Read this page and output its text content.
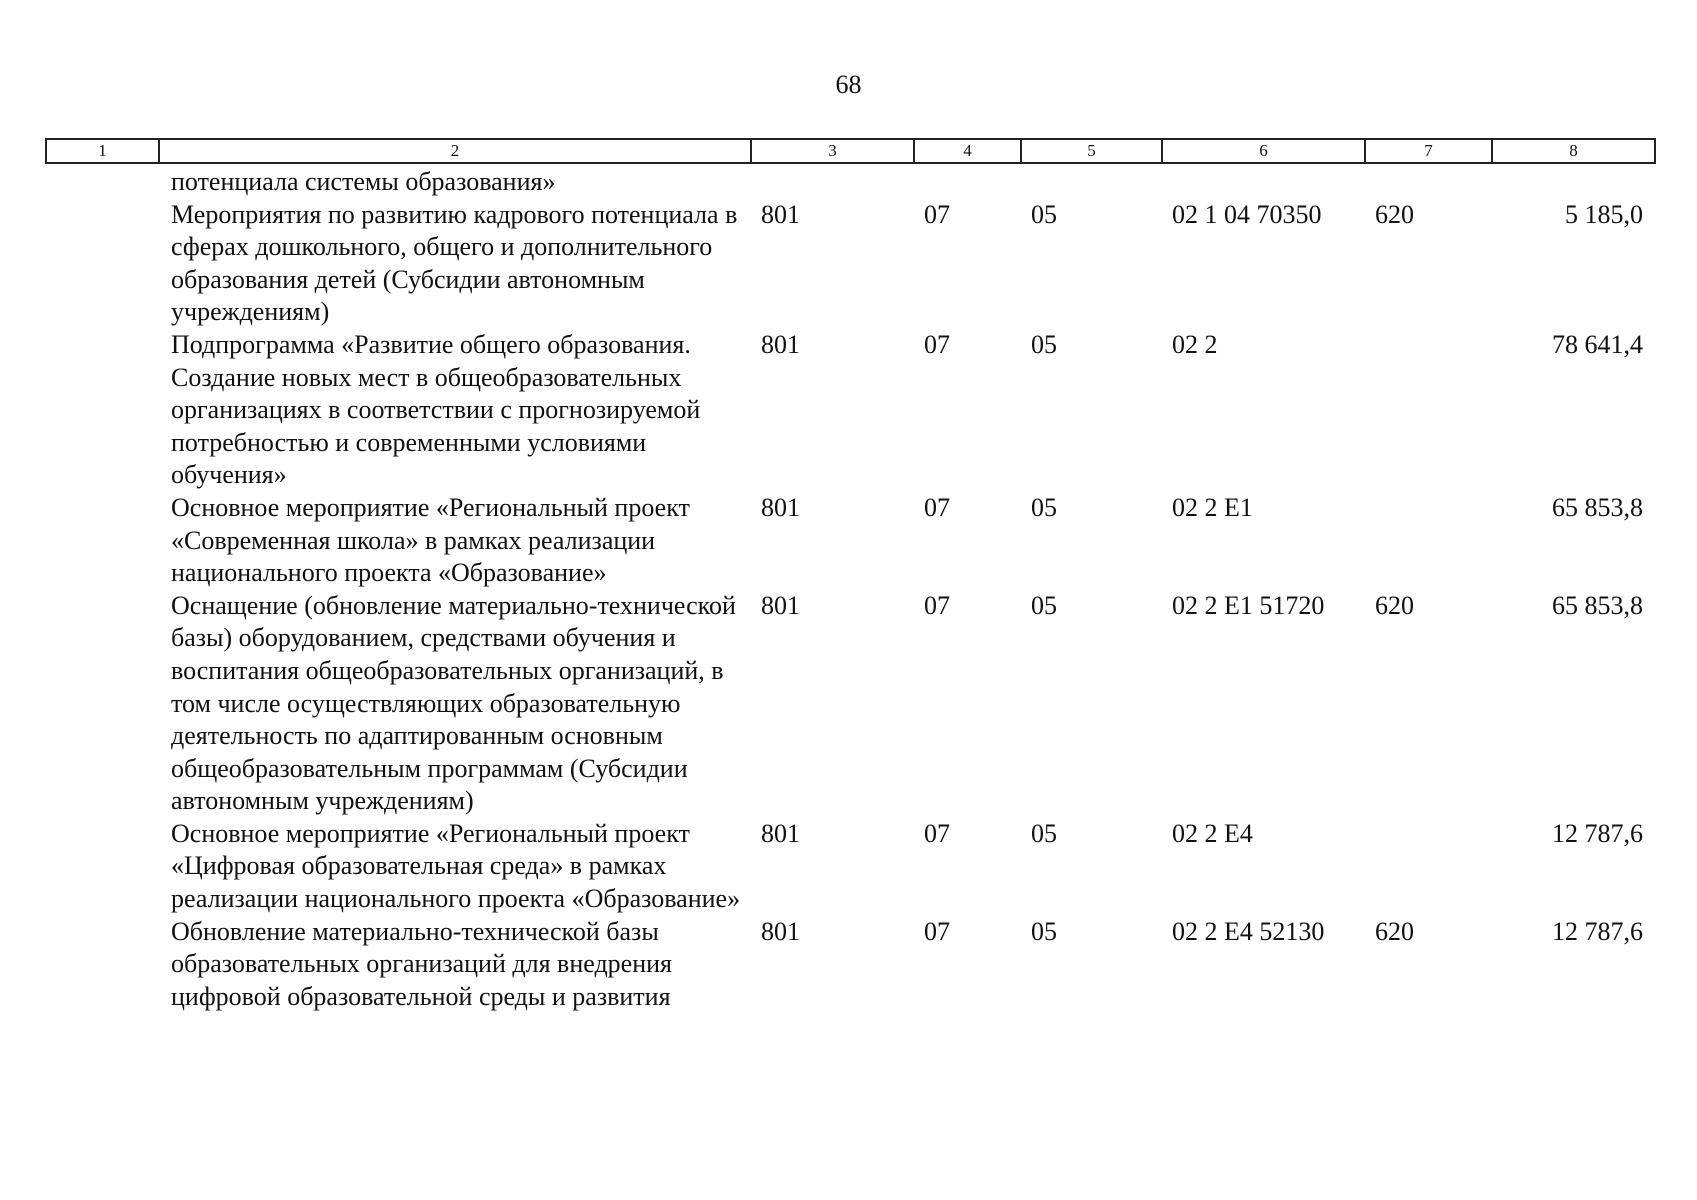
68
1	2	3	4	5	6	7	8
	потенциала системы образования»						
	Мероприятия по развитию кадрового потенциала в сферах дошкольного, общего и дополнительного образования детей (Субсидии автономным учреждениям)	801	07	05	02 1 04 70350	620	5 185,0
	Подпрограмма «Развитие общего образования. Создание новых мест в общеобразовательных организациях в соответствии с прогнозируемой потребностью и современными условиями обучения»	801	07	05	02 2		78 641,4
	Основное мероприятие «Региональный проект «Современная школа» в рамках реализации национального проекта «Образование»	801	07	05	02 2 E1		65 853,8
	Оснащение (обновление материально-технической базы) оборудованием, средствами обучения и воспитания общеобразовательных организаций, в том числе осуществляющих образовательную деятельность по адаптированным основным общеобразовательным программам (Субсидии автономным учреждениям)	801	07	05	02 2 E1 51720	620	65 853,8
	Основное мероприятие «Региональный проект «Цифровая образовательная среда» в рамках реализации национального проекта «Образование»	801	07	05	02 2 E4		12 787,6
	Обновление материально-технической базы образовательных организаций для внедрения цифровой образовательной среды и развития	801	07	05	02 2 E4 52130	620	12 787,6
